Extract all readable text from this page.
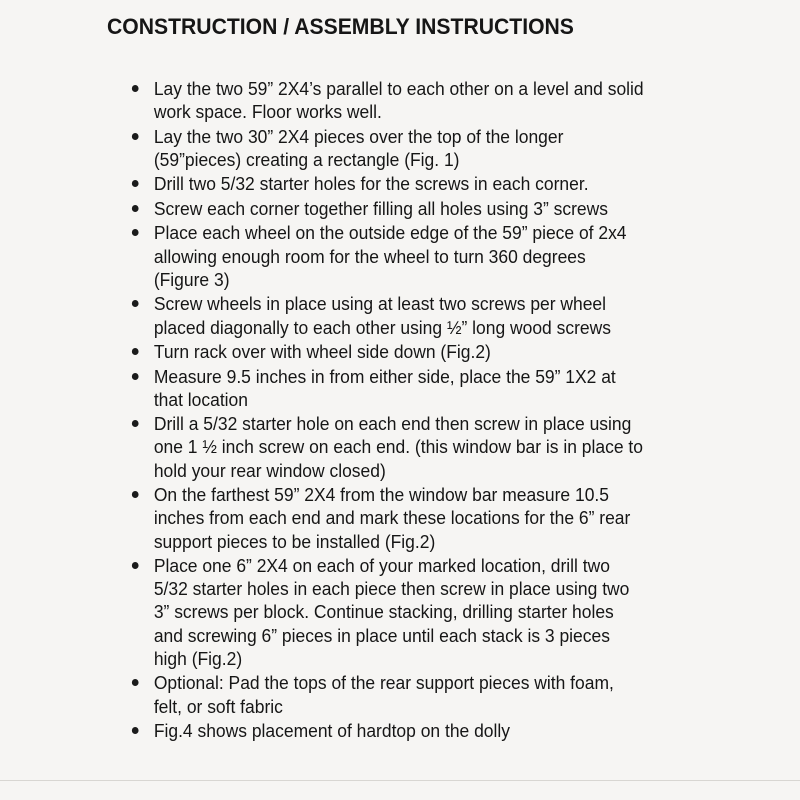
CONSTRUCTION / ASSEMBLY INSTRUCTIONS
Lay the two 59” 2X4’s parallel to each other on a level and solid
work space. Floor works well.
Lay the two 30” 2X4 pieces over the top of the longer
(59”pieces) creating a rectangle (Fig. 1)
Drill two 5/32 starter holes for the screws in each corner.
Screw each corner together filling all holes using 3” screws
Place each wheel on the outside edge of the 59” piece of 2x4
allowing enough room for the wheel to turn 360 degrees
(Figure 3)
Screw wheels in place using at least two screws per wheel
placed diagonally to each other using ½” long wood screws
Turn rack over with wheel side down (Fig.2)
Measure 9.5 inches in from either side, place the 59” 1X2 at
that location
Drill a 5/32 starter hole on each end then screw in place using
one 1 ½ inch screw on each end. (this window bar is in place to
hold your rear window closed)
On the farthest 59” 2X4 from the window bar measure 10.5
inches from each end and mark these locations for the 6” rear
support pieces to be installed (Fig.2)
Place one 6” 2X4 on each of your marked location, drill two
5/32 starter holes in each piece then screw in place using two
3” screws per block. Continue stacking, drilling starter holes
and screwing 6” pieces in place until each stack is 3 pieces
high (Fig.2)
Optional: Pad the tops of the rear support pieces with foam,
felt, or soft fabric
Fig.4 shows placement of hardtop on the dolly
